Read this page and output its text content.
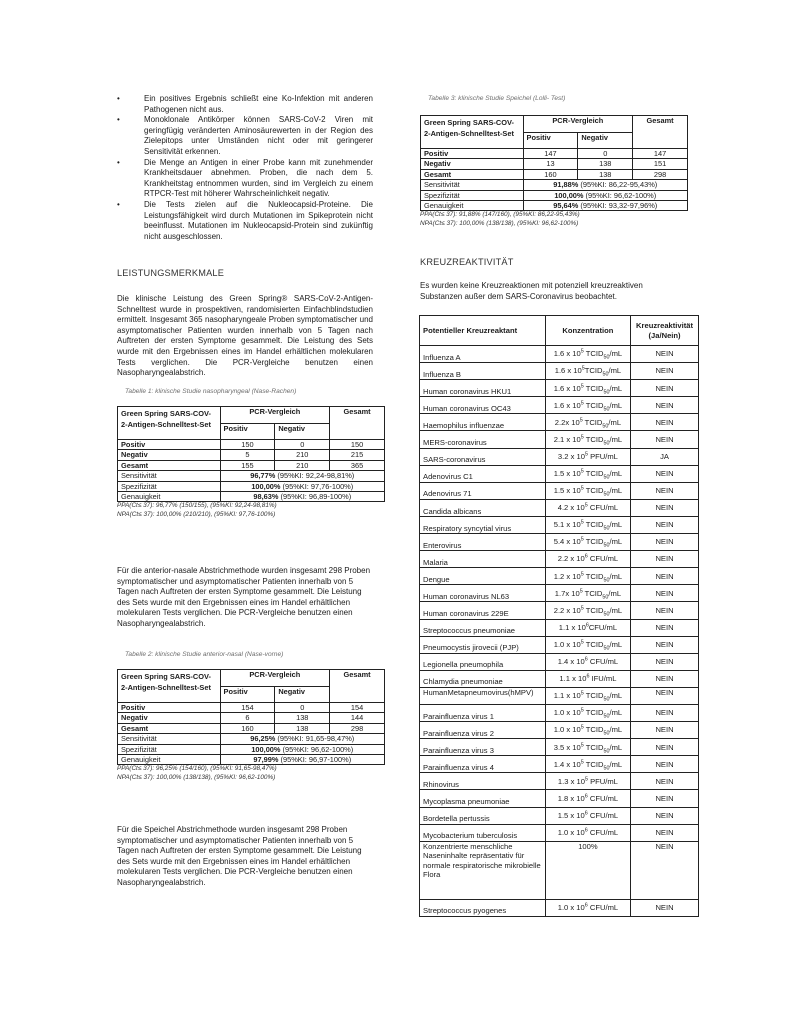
•	Ein positives Ergebnis schließt eine Ko-Infektion mit anderen Pathogenen nicht aus.
•	Monoklonale Antikörper können SARS-CoV-2 Viren mit geringfügig veränderten Aminosäurewerten in der Region des Zielepitops unter Umständen nicht oder mit geringerer Sensitivität erkennen.
•	Die Menge an Antigen in einer Probe kann mit zunehmender Krankheitsdauer abnehmen. Proben, die nach dem 5. Krankheitstag entnommen wurden, sind im Vergleich zu einem RTPCR-Test mit höherer Wahrscheinlichkeit negativ.
•	Die Tests zielen auf die Nukleocapsid-Proteine. Die Leistungsfähigkeit wird durch Mutationen im Spikeprotein nicht beeinflusst. Mutationen im Nukleocapsid-Protein sind zukünftig nicht ausgeschlossen.
LEISTUNGSMERKMALE

Die klinische Leistung des Green Spring® SARS-CoV-2-Antigen-Schnelltest wurde in prospektiven, randomisierten Einfachblindstudien ermittelt. Insgesamt 365 nasopharyngeale Proben symptomatischer und asymptomatischer Patienten wurden innerhalb von 5 Tagen nach Auftreten der ersten Symptome gesammelt. Die Leistung des Sets wurde mit den Ergebnissen eines im Handel erhältlichen molekularen Tests verglichen. Die PCR-Vergleiche benutzen einen Nasopharyngealabstrich.

Tabelle 1: klinische Studie nasopharyngeal (Nase-Rachen)
Green Spring SARS-COV-2-Antigen-Schnelltest-Set	PCR-Vergleich		Gesamt
	Positiv	Negativ	
Positiv	150	0	150
Negativ	5	210	215
Gesamt	155	210	365
Sensitivität	96,77% (95%KI: 92,24-98,81%)		
Spezifizität	100,00% (95%KI: 97,76-100%)		
Genauigkeit	98,63% (95%KI: 96,89-100%)		
PPA(Ct≤ 37): 96,77% (150/155), (95%KI: 92,24-98,81%)
NPA(Ct≤ 37): 100,00% (210/210), (95%KI: 97,76-100%)

Für die anterior-nasale Abstrichmethode wurden insgesamt 298 Proben symptomatischer und asymptomatischer Patienten innerhalb von 5 Tagen nach Auftreten der ersten Symptome gesammelt. Die Leistung des Sets wurde mit den Ergebnissen eines im Handel erhältlichen molekularen Tests verglichen. Die PCR-Vergleiche benutzen einen Nasopharyngealabstrich.

Tabelle 2: klinische Studie anterior-nasal (Nase-vorne)
Green Spring SARS-COV-2-Antigen-Schnelltest-Set	PCR-Vergleich		Gesamt
	Positiv	Negativ	
Positiv	154	0	154
Negativ	6	138	144
Gesamt	160	138	298
Sensitivität	96,25% (95%KI: 91,65-98,47%)		
Spezifizität	100,00% (95%KI: 96,62-100%)		
Genauigkeit	97,99% (95%KI: 96,97-100%)		
PPA(Ct≤ 37): 96,25% (154/160), (95%KI: 91,65-98,47%)
NPA(Ct≤ 37): 100,00% (138/138), (95%KI: 96,62-100%)

Für die Speichel Abstrichmethode wurden insgesamt 298 Proben symptomatischer und asymptomatischer Patienten innerhalb von 5 Tagen nach Auftreten der ersten Symptome gesammelt. Die Leistung des Sets wurde mit den Ergebnissen eines im Handel erhältlichen molekularen Tests verglichen. Die PCR-Vergleiche benutzen einen Nasopharyngealabstrich.

Tabelle 3: klinische Studie Speichel (Lolli- Test)
Green Spring SARS-COV-2-Antigen-Schnelltest-Set	PCR-Vergleich		Gesamt
	Positiv	Negativ	
Positiv	147	0	147
Negativ	13	138	151
Gesamt	160	138	298
Sensitivität	91,88% (95%KI: 86,22-95,43%)		
Spezifizität	100,00% (95%KI: 96,62-100%)		
Genauigkeit	95,64% (95%KI: 93,32-97,96%)		
PPA(Ct≤ 37): 91,88% (147/160), (95%KI: 86,22-95,43%)
NPA(Ct≤ 37): 100,00% (138/138), (95%KI: 96,62-100%)
KREUZREAKTIVITÄT

Es wurden keine Kreuzreaktionen mit potenziell kreuzreaktiven Substanzen außer dem SARS-Coronavirus beobachtet.

Potentieller Kreuzreaktant	Konzentration	Kreuzreaktivität (Ja/Nein)
Influenza A	1.6 x $10^5$ $TCID_{50}/mL$	NEIN
Influenza B	1.6 x $10^5TCID_{50}/mL$	NEIN
Human coronavirus HKU1	1.6 x $10^5$ $TCID_{50}/mL$	NEIN
Human coronavirus OC43	1.6 x $10^5$ $TCID_{50}/mL$	NEIN
Haemophilus influenzae	2.2x $10^5$ $TCID_{50}/mL$	NEIN
MERS-coronavirus	2.1 x $10^5$ $TCID_{50}/mL$	NEIN
SARS-coronavirus	3.2 x $10^5$ PFU/mL	JA
Adenovirus C1	1.5 x $10^5$ $TCID_{50}/mL$	NEIN
Adenovirus 71	1.5 x $10^5$ $TCID_{50}/mL$	NEIN
Candida albicans	4.2 x $10^5$ CFU/mL	NEIN
Respiratory syncytial virus	5.1 x $10^5$ $TCID_{50}/mL$	NEIN
Enterovirus	5.4 x $10^5$ $TCID_{50}/mL$	NEIN
Malaria	2.2 x $10^6$ CFU/mL	NEIN
Dengue	1.2 x $10^5$ $TCID_{50}/mL$	NEIN
Human coronavirus NL63	1.7x $10^5$ $TCID_{50}/mL$	NEIN
Human coronavirus 229E	2.2 x $10^5$ $TCID_{50}/mL$	NEIN
Streptococcus pneumoniae	1.1 x $10^6CFU/mL$	NEIN
Pneumocystis jirovecii (PJP)	1.0 x $10^5$ $TCID_{50}/mL$	NEIN
Legionella pneumophila	1.4 x $10^6$ CFU/mL	NEIN
Chlamydia pneumoniae	1.1 x $10^6$ IFU/mL	NEIN
HumanMetapneumovirus(hMPV)	1.1 x $10^5$ $TCID_{50}/mL$	NEIN
Parainfluenza virus 1	1.0 x $10^5$ $TCID_{50}/mL$	NEIN
Parainfluenza virus 2	1.0 x $10^5$ $TCID_{50}/mL$	NEIN
Parainfluenza virus 3	3.5 x $10^5$ $TCID_{50}/mL$	NEIN
Parainfluenza virus 4	1.4 x $10^5$ $TCID_{50}/mL$	NEIN
Rhinovirus	1.3 x $10^5$ PFU/mL	NEIN
Mycoplasma pneumoniae	1.8 x $10^6$ CFU/mL	NEIN
Bordetella pertussis	1.5 x $10^6$ CFU/mL	NEIN
Mycobacterium tuberculosis	1.0 x $10^6$ CFU/mL	NEIN
Konzentrierte menschliche Naseninhalte repräsentativ für normale respiratorische mikrobielle Flora	100%	NEIN
Streptococcus pyogenes	1.0 x $10^6$ CFU/mL	NEIN
